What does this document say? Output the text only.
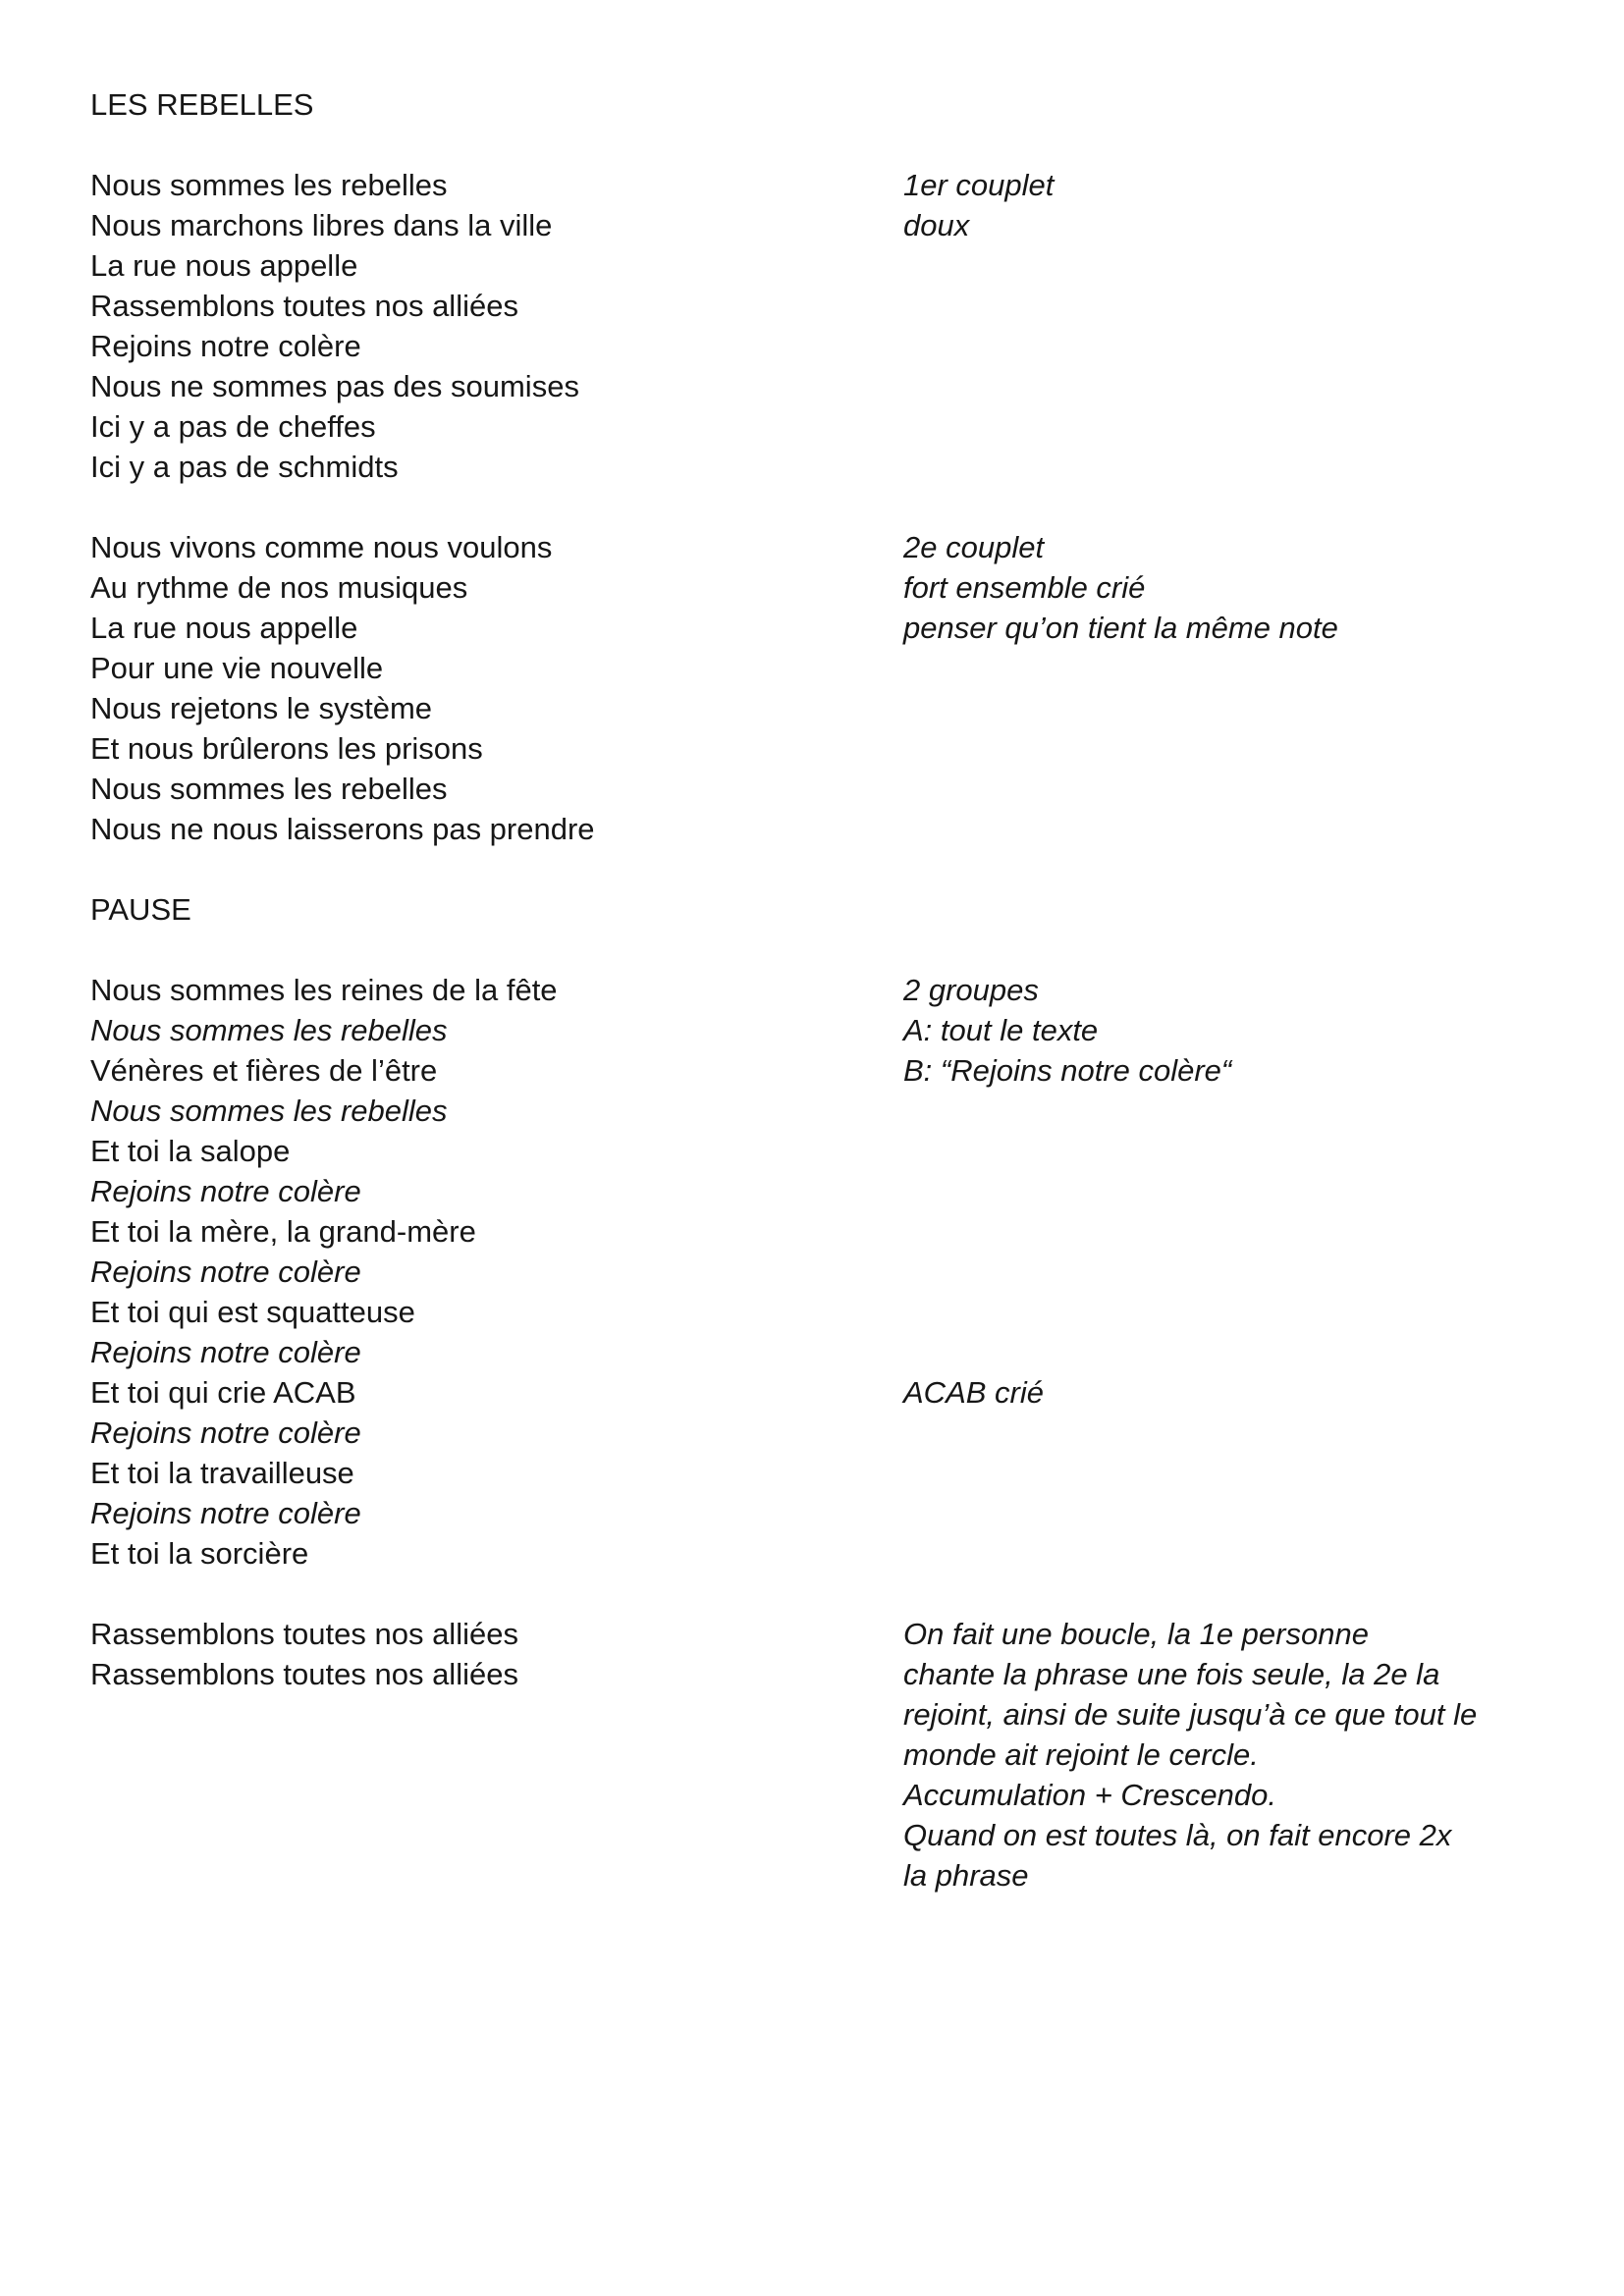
LES REBELLES
Nous sommes les rebelles	1er couplet
Nous marchons libres dans la ville	doux
La rue nous appelle
Rassemblons toutes nos alliées
Rejoins notre colère
Nous ne sommes pas des soumises
Ici y a pas de cheffes
Ici y a pas de schmidts
Nous vivons comme nous voulons	2e couplet
Au rythme de nos musiques	fort ensemble crié
La rue nous appelle	penser qu’on tient la même note
Pour une vie nouvelle
Nous rejetons le système
Et nous brûlerons les prisons
Nous sommes les rebelles
Nous ne nous laisserons pas prendre
PAUSE
Nous sommes les reines de la fête	2 groupes
Nous sommes les rebelles	A: tout le texte
Vénères et fières de l’être	B: “Rejoins notre colère“
Nous sommes les rebelles
Et toi la salope
Rejoins notre colère
Et toi la mère, la grand-mère
Rejoins notre colère
Et toi qui est squatteuse
Rejoins notre colère
Et toi qui crie ACAB	ACAB crié
Rejoins notre colère
Et toi la travailleuse
Rejoins notre colère
Et toi la sorcière
Rassemblons toutes nos alliées	On fait une boucle, la 1e personne
Rassemblons toutes nos alliées	chante la phrase une fois seule, la 2e la
rejoint, ainsi de suite jusqu’à ce que tout le
monde ait rejoint le cercle.
Accumulation + Crescendo.
Quand on est toutes là, on fait encore 2x
la phrase
